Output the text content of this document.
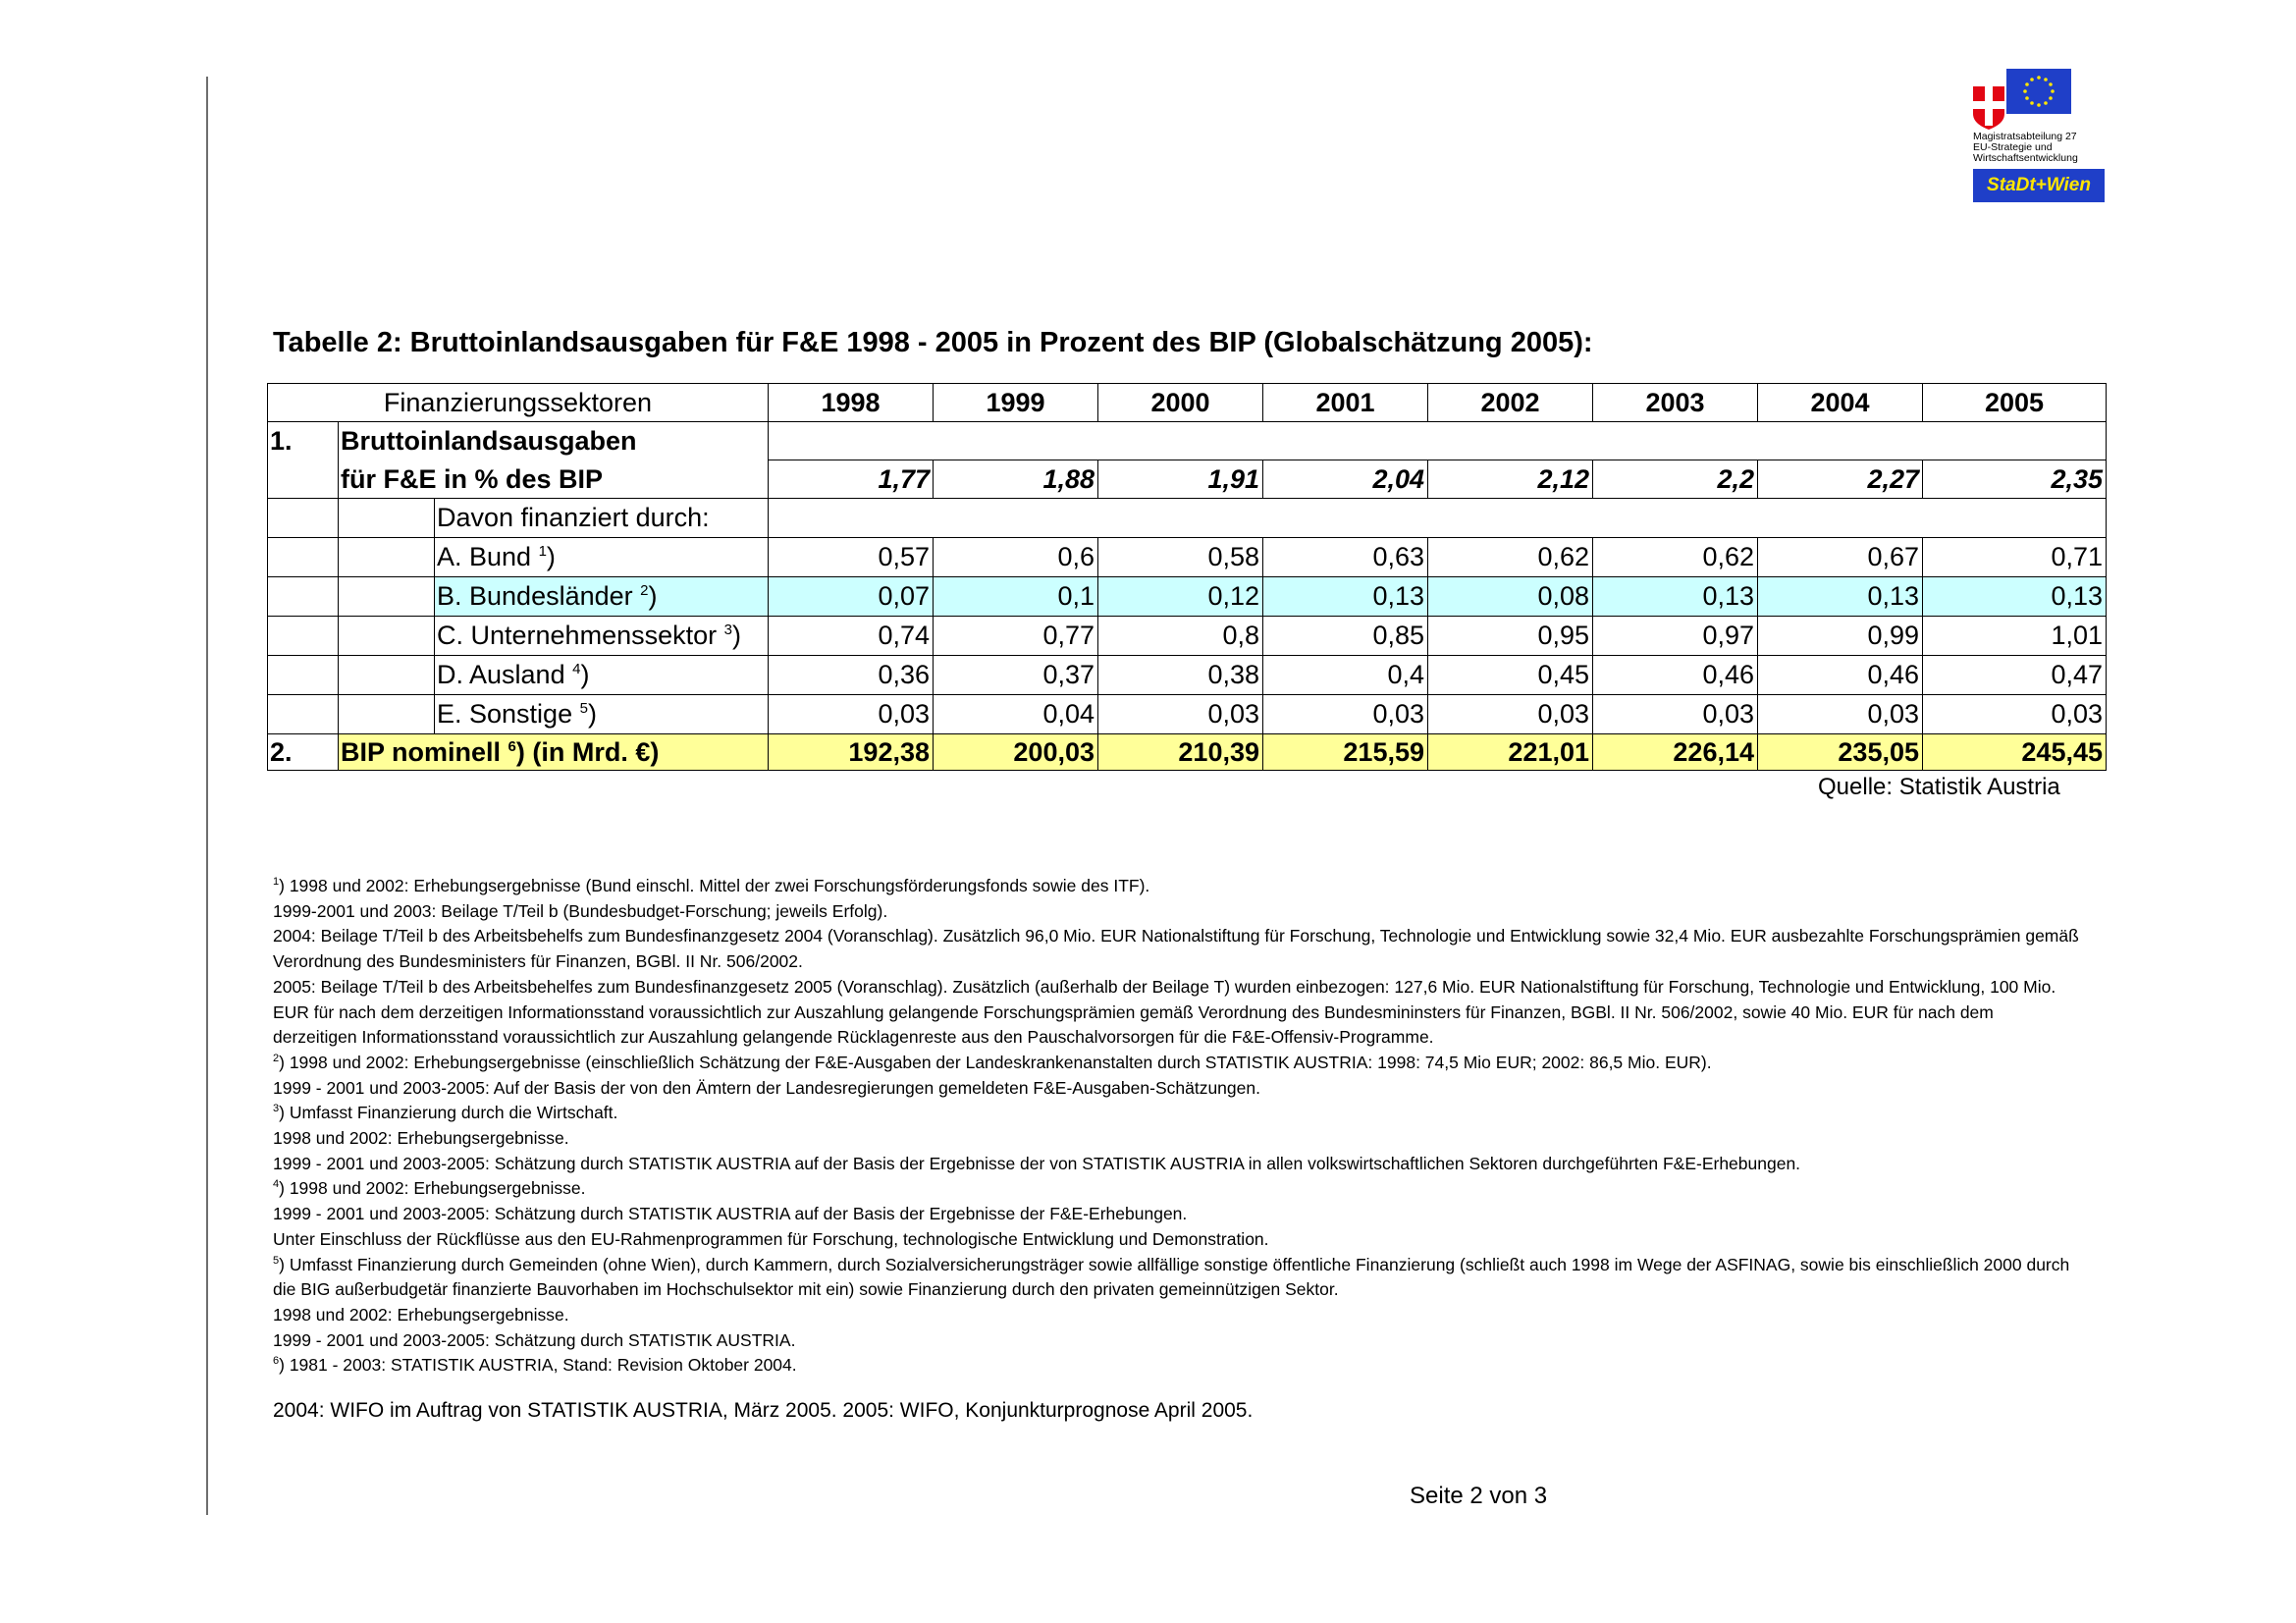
Magistratsabteilung 27
EU-Strategie und
Wirtschaftsentwicklung
StaDt+Wien
Tabelle 2: Bruttoinlandsausgaben für F&E 1998 - 2005 in Prozent des BIP (Globalschätzung 2005):
Finanzierungssektoren			1998	1999	2000	2001	2002	2003	2004	2005
1.	Bruttoinlandsausgaben									
	für F&E in % des BIP		1,77	1,88	1,91	2,04	2,12	2,2	2,27	2,35
		Davon finanziert durch:								
		A. Bund $^1$)	0,57	0,6	0,58	0,63	0,62	0,62	0,67	0,71
		B. Bundesländer $^2$)	0,07	0,1	0,12	0,13	0,08	0,13	0,13	0,13
		C. Unternehmenssektor $^3$)	0,74	0,77	0,8	0,85	0,95	0,97	0,99	1,01
		D. Ausland $^4$)	0,36	0,37	0,38	0,4	0,45	0,46	0,46	0,47
		E. Sonstige $^5$)	0,03	0,04	0,03	0,03	0,03	0,03	0,03	0,03
2.	BIP nominell $^6$) (in Mrd. €)		192,38	200,03	210,39	215,59	221,01	226,14	235,05	245,45
Quelle: Statistik Austria

$^1$) 1998 und 2002: Erhebungsergebnisse (Bund einschl. Mittel der zwei Forschungsförderungsfonds sowie des ITF).

1999-2001 und 2003: Beilage T/Teil b (Bundesbudget-Forschung; jeweils Erfolg).

2004: Beilage T/Teil b des Arbeitsbehelfs zum Bundesfinanzgesetz 2004 (Voranschlag). Zusätzlich 96,0 Mio. EUR Nationalstiftung für Forschung, Technologie und Entwicklung sowie 32,4 Mio. EUR ausbezahlte Forschungsprämien gemäß Verordnung des Bundesministers für Finanzen, BGBl. II Nr. 506/2002.

2005: Beilage T/Teil b des Arbeitsbehelfes zum Bundesfinanzgesetz 2005 (Voranschlag). Zusätzlich (außerhalb der Beilage T) wurden einbezogen: 127,6 Mio. EUR Nationalstiftung für Forschung, Technologie und Entwicklung, 100 Mio. EUR für nach dem derzeitigen Informationsstand voraussichtlich zur Auszahlung gelangende Forschungsprämien gemäß Verordnung des Bundesmininsters für Finanzen, BGBl. II Nr. 506/2002, sowie 40 Mio. EUR für nach dem derzeitigen Informationsstand voraussichtlich zur Auszahlung gelangende Rücklagenreste aus den Pauschalvorsorgen für die F&E-Offensiv-Programme.

$^2$) 1998 und 2002: Erhebungsergebnisse (einschließlich Schätzung der F&E-Ausgaben der Landeskrankenanstalten durch STATISTIK AUSTRIA: 1998: 74,5 Mio EUR; 2002: 86,5 Mio. EUR).

1999 - 2001 und 2003-2005: Auf der Basis der von den Ämtern der Landesregierungen gemeldeten F&E-Ausgaben-Schätzungen.

$^3$) Umfasst Finanzierung durch die Wirtschaft.

1998 und 2002: Erhebungsergebnisse.

1999 - 2001 und 2003-2005: Schätzung durch STATISTIK AUSTRIA auf der Basis der Ergebnisse der von STATISTIK AUSTRIA in allen volkswirtschaftlichen Sektoren durchgeführten F&E-Erhebungen.

$^4$) 1998 und 2002: Erhebungsergebnisse.

1999 - 2001 und 2003-2005: Schätzung durch STATISTIK AUSTRIA auf der Basis der Ergebnisse der F&E-Erhebungen.

Unter Einschluss der Rückflüsse aus den EU-Rahmenprogrammen für Forschung, technologische Entwicklung und Demonstration.

$^5$) Umfasst Finanzierung durch Gemeinden (ohne Wien), durch Kammern, durch Sozialversicherungsträger sowie allfällige sonstige öffentliche Finanzierung (schließt auch 1998 im Wege der ASFINAG, sowie bis einschließlich 2000 durch die BIG außerbudgetär finanzierte Bauvorhaben im Hochschulsektor mit ein) sowie Finanzierung durch den privaten gemeinnützigen Sektor.

1998 und 2002: Erhebungsergebnisse.

1999 - 2001 und 2003-2005: Schätzung durch STATISTIK AUSTRIA.

$^6$) 1981 - 2003: STATISTIK AUSTRIA, Stand: Revision Oktober 2004.

2004: WIFO im Auftrag von STATISTIK AUSTRIA, März 2005. 2005: WIFO, Konjunkturprognose April 2005.
Seite 2 von 3
